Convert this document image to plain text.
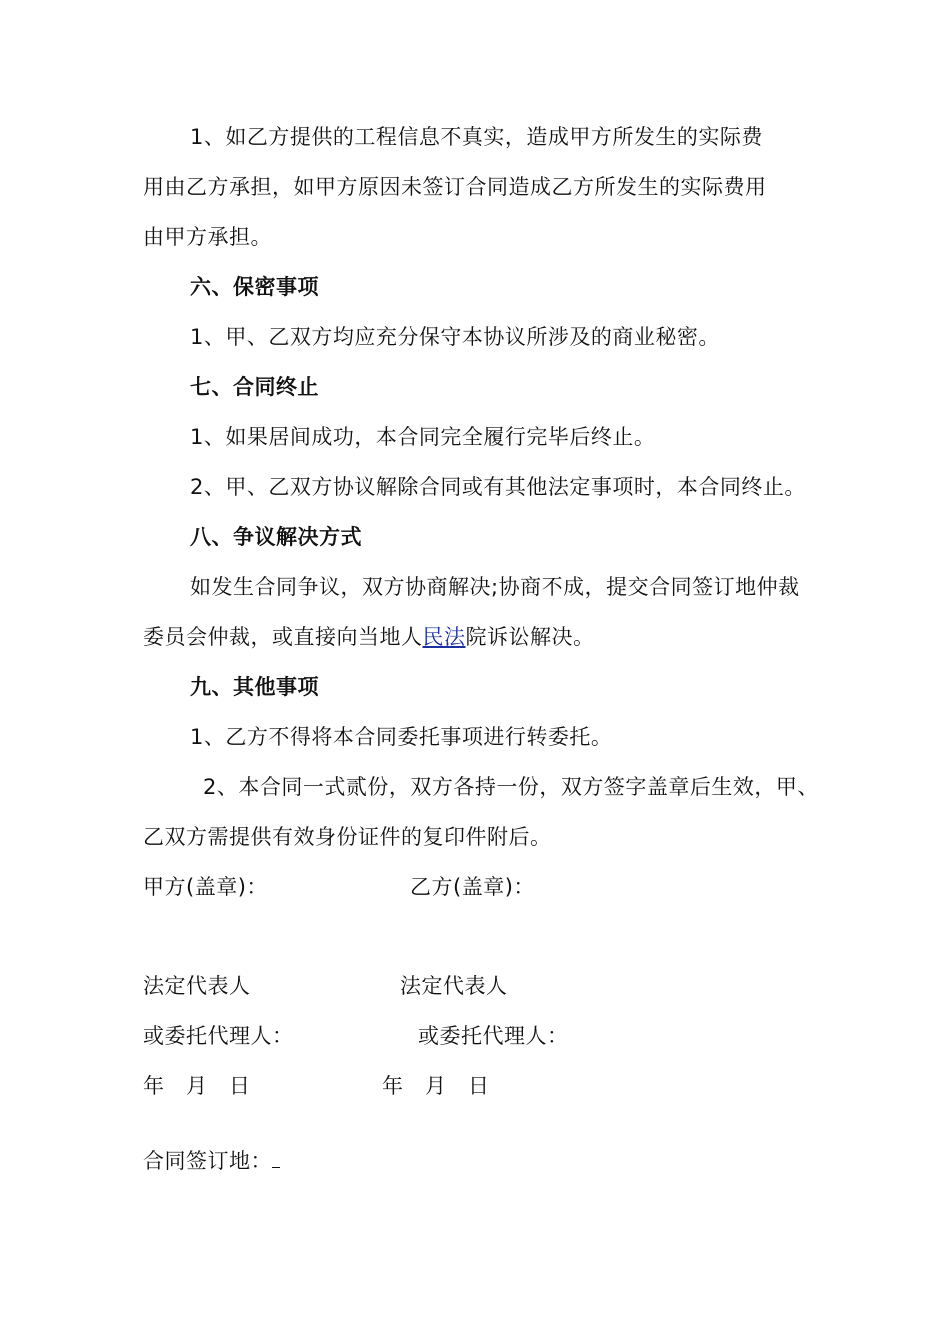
1、如乙方提供的工程信息不真实，造成甲方所发生的实际费
用由乙方承担，如甲方原因未签订合同造成乙方所发生的实际费用
由甲方承担。
六、保密事项
1、甲、乙双方均应充分保守本协议所涉及的商业秘密。
七、合同终止
1、如果居间成功，本合同完全履行完毕后终止。
2、甲、乙双方协议解除合同或有其他法定事项时，本合同终止。
八、争议解决方式
如发生合同争议，双方协商解决;协商不成，提交合同签订地仲裁
委员会仲裁，或直接向当地人民法院诉讼解决。
九、其他事项
1、乙方不得将本合同委托事项进行转委托。
2、本合同一式贰份，双方各持一份，双方签字盖章后生效，甲、
乙双方需提供有效身份证件的复印件附后。
甲方(盖章)：	乙方(盖章)：
法定代表人	法定代表人
或委托代理人：	或委托代理人：
年   月   日	年   月   日
合同签订地：
